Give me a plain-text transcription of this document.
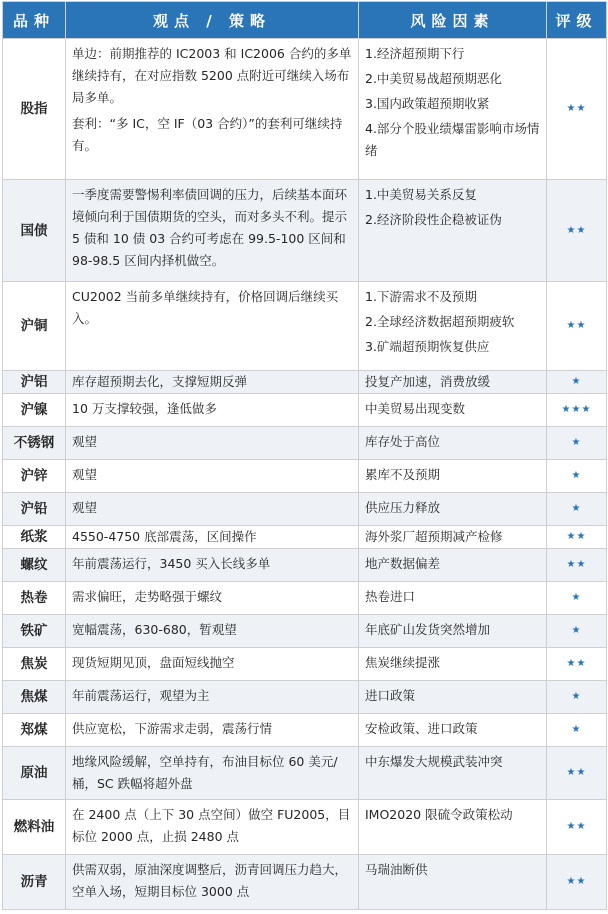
品种	观点 / 策略	风险因素	评级
股指	单边：前期推荐的 IC2003 和 IC2006 合约的多单继续持有，在对应指数 5200 点附近可继续入场布局多单。
套利：“多 IC，空 IF（03 合约）”的套利可继续持有。	1.经济超预期下行
2.中美贸易战超预期恶化
3.国内政策超预期收紧
4.部分个股业绩爆雷影响市场情绪	★★
国债	一季度需要警惕利率债回调的压力，后续基本面环境倾向利于国债期货的空头，而对多头不利。提示 5 债和 10 债 03 合约可考虑在 99.5-100 区间和 98-98.5 区间内择机做空。	1.中美贸易关系反复
2.经济阶段性企稳被证伪	★★
沪铜	CU2002 当前多单继续持有，价格回调后继续买入。	1.下游需求不及预期
2.全球经济数据超预期疲软
3.矿端超预期恢复供应	★★
沪铝	库存超预期去化，支撑短期反弹	投复产加速，消费放缓	★
沪镍	10 万支撑较强，逢低做多	中美贸易出现变数	★★★
不锈钢	观望	库存处于高位	★
沪锌	观望	累库不及预期	★
沪铅	观望	供应压力释放	★
纸浆	4550-4750 底部震荡，区间操作	海外浆厂超预期减产检修	★★
螺纹	年前震荡运行，3450 买入长线多单	地产数据偏差	★★
热卷	需求偏旺，走势略强于螺纹	热卷进口	★
铁矿	宽幅震荡，630-680，暂观望	年底矿山发货突然增加	★
焦炭	现货短期见顶，盘面短线抛空	焦炭继续提涨	★★
焦煤	年前震荡运行，观望为主	进口政策	★
郑煤	供应宽松，下游需求走弱，震荡行情	安检政策、进口政策	★
原油	地缘风险缓解，空单持有，布油目标位 60 美元/桶，SC 跌幅将超外盘	中东爆发大规模武装冲突	★★
燃料油	在 2400 点（上下 30 点空间）做空 FU2005，目标位 2000 点，止损 2480 点	IMO2020 限硫令政策松动	★★
沥青	供需双弱，原油深度调整后，沥青回调压力趋大，空单入场，短期目标位 3000 点	马瑞油断供	★★
